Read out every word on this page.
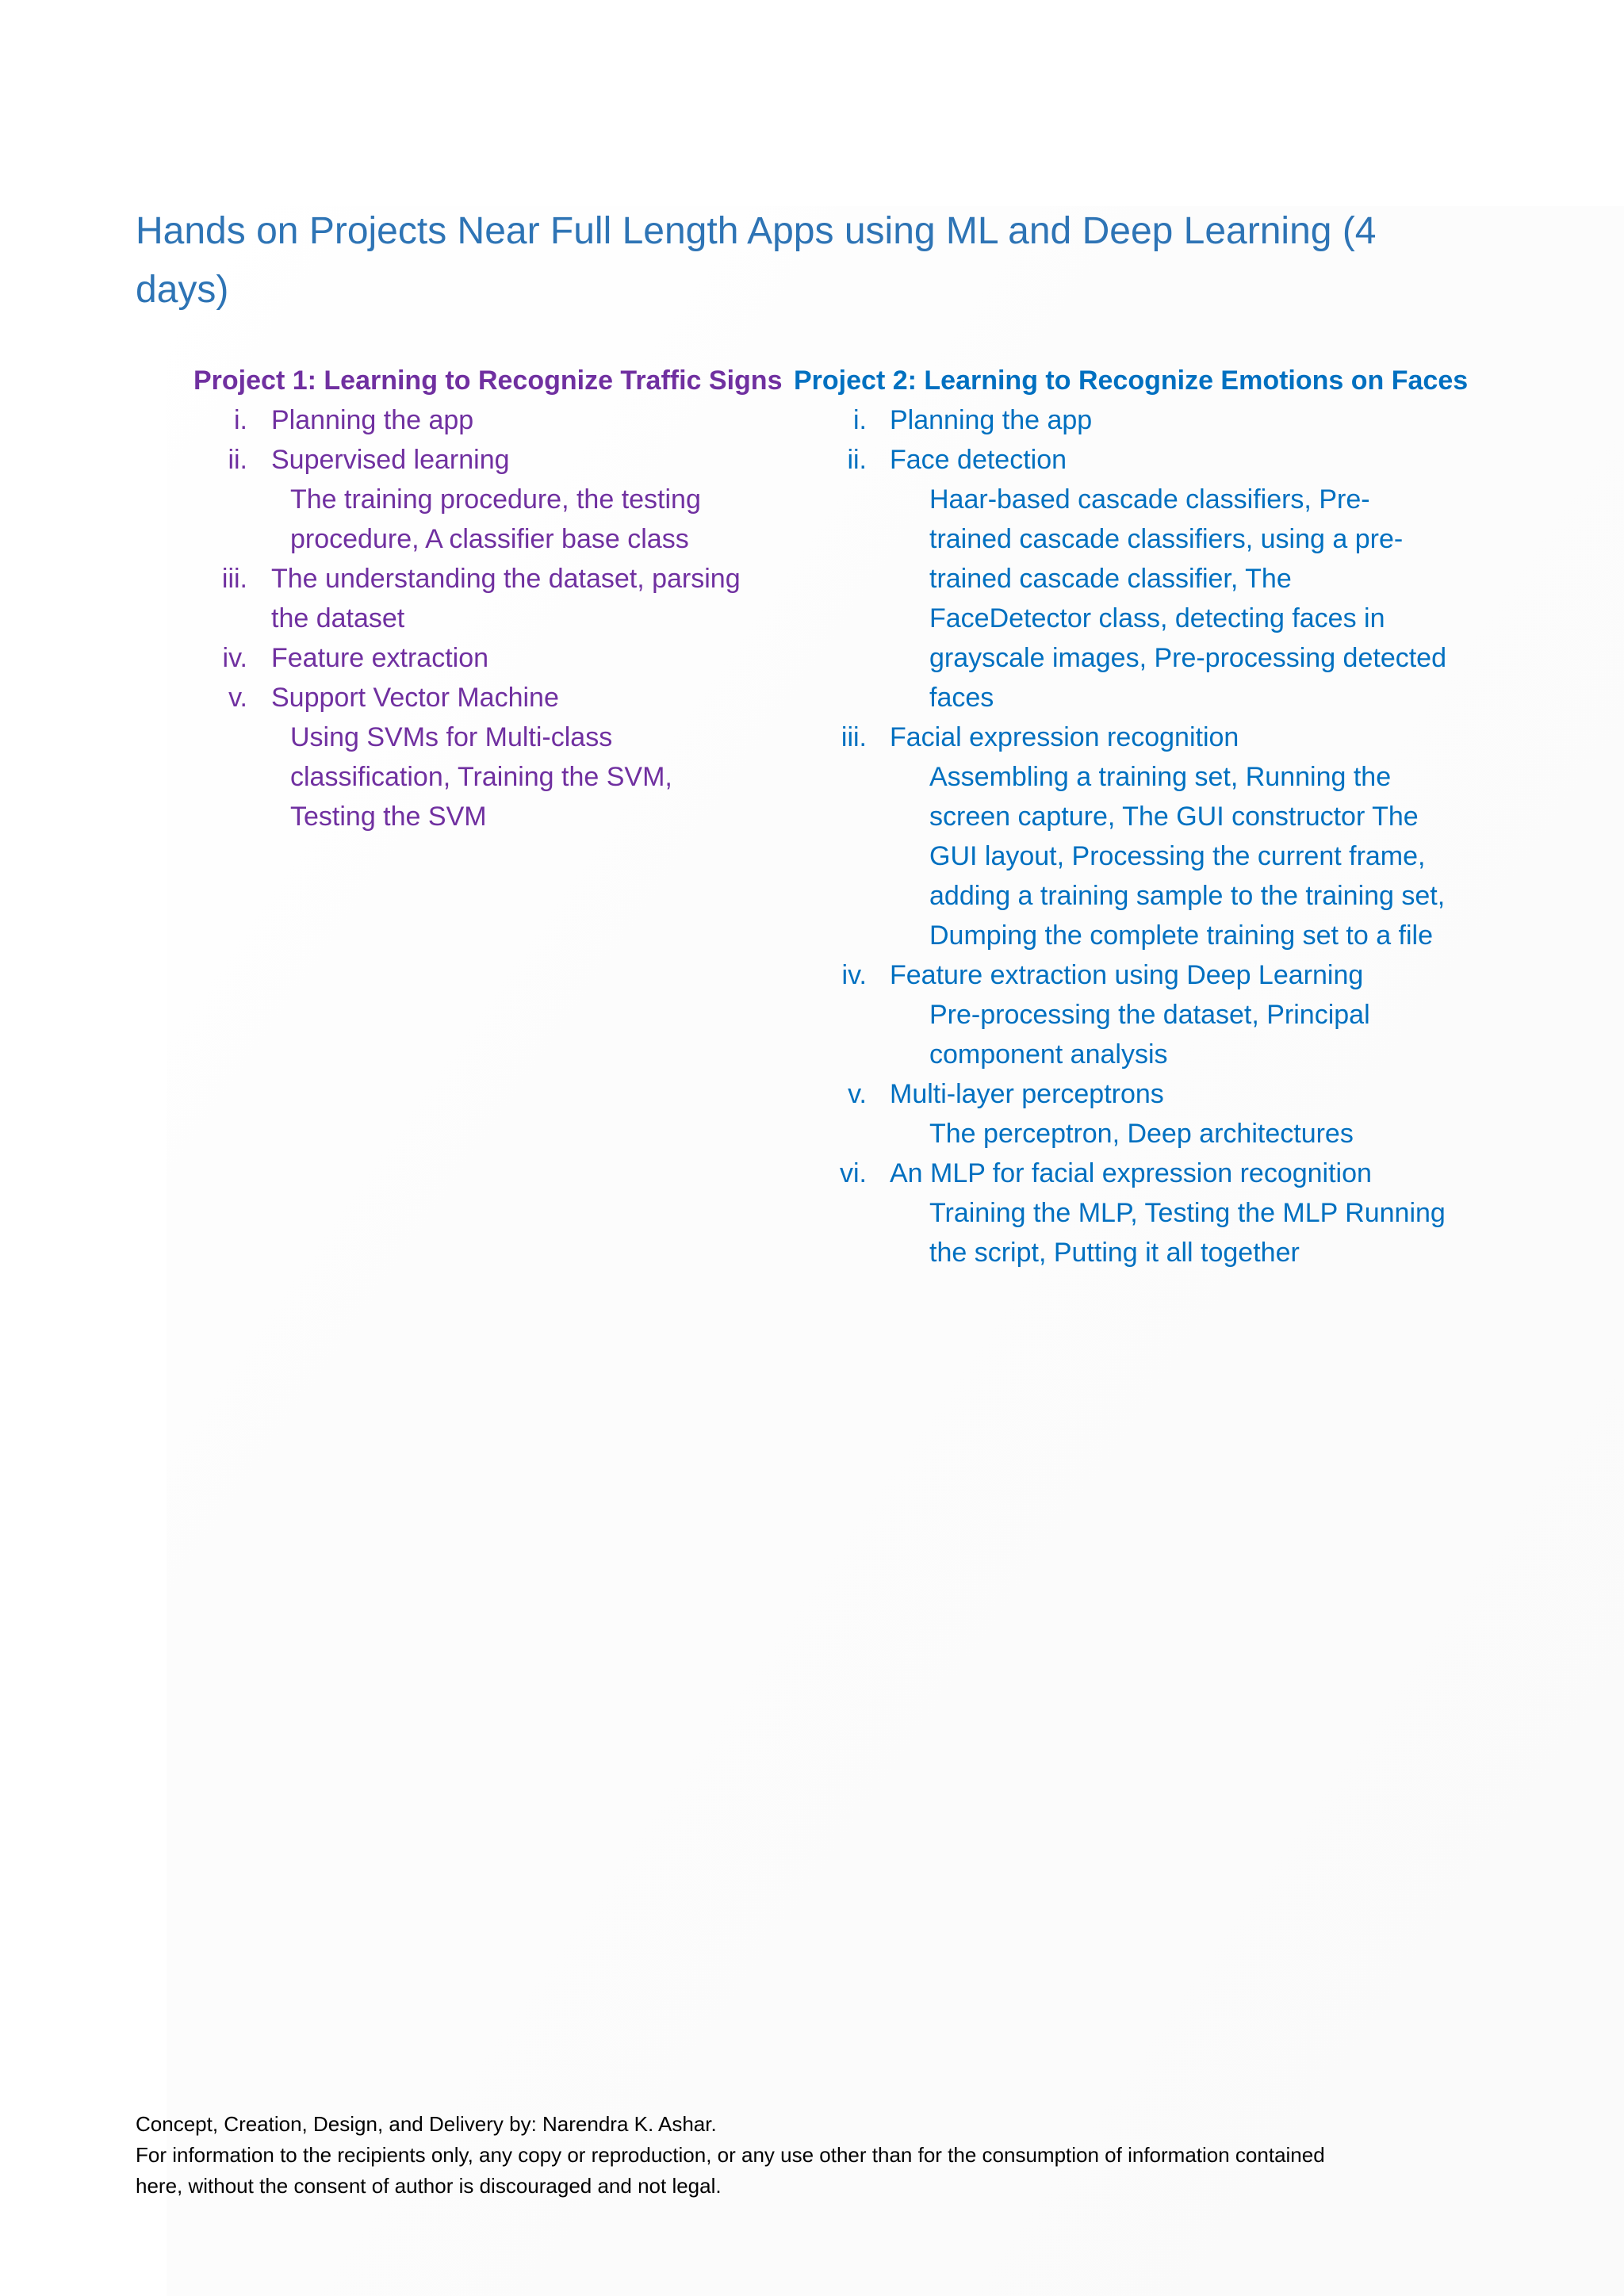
Hands on Projects Near Full Length Apps using ML and Deep Learning (4 days)
Project 1: Learning to Recognize Traffic Signs
i. Planning the app
ii. Supervised learning
The training procedure, the testing procedure, A classifier base class
iii. The understanding the dataset, parsing the dataset
iv. Feature extraction
v. Support Vector Machine
Using SVMs for Multi-class classification, Training the SVM, Testing the SVM
Project 2: Learning to Recognize Emotions on Faces
i. Planning the app
ii. Face detection
Haar-based cascade classifiers, Pre-trained cascade classifiers, using a pre-trained cascade classifier, The FaceDetector class, detecting faces in grayscale images, Pre-processing detected faces
iii. Facial expression recognition
Assembling a training set, Running the screen capture, The GUI constructor The GUI layout, Processing the current frame, adding a training sample to the training set, Dumping the complete training set to a file
iv. Feature extraction using Deep Learning
Pre-processing the dataset, Principal component analysis
v. Multi-layer perceptrons
The perceptron, Deep architectures
vi. An MLP for facial expression recognition
Training the MLP, Testing the MLP Running the script, Putting it all together

Concept, Creation, Design, and Delivery by: Narendra K. Ashar.

For information to the recipients only, any copy or reproduction, or any use other than for the consumption of information contained here, without the consent of author is discouraged and not legal.
